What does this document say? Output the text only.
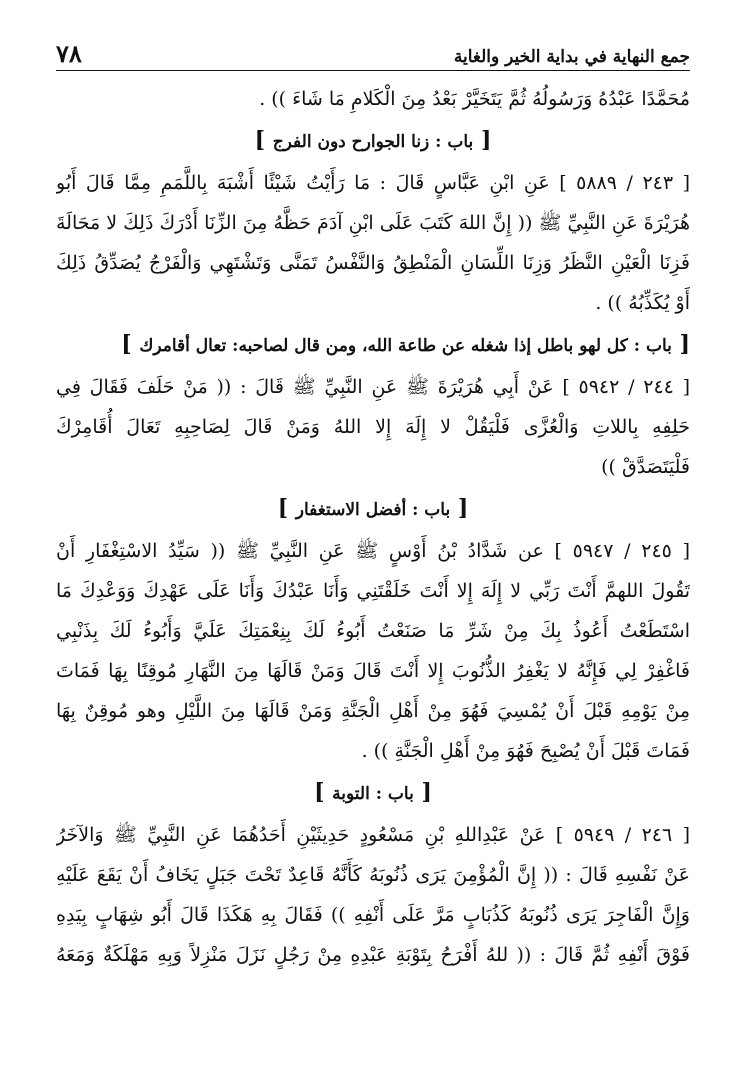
٧٨	جمع النهاية في بداية الخير والغاية
مُحَمَّدًا عَبْدُهُ وَرَسُولُهُ ثُمَّ يَتَخَيَّرْ بَعْدُ مِنَ الْكَلامِ مَا شَاءَ )) .
[ باب : زنا الجوارح دون الفرج ]
[ ٢٤٣ / ٥٨٨٩ ] عَنِ ابْنِ عَبَّاسٍ قَالَ : مَا رَأَيْتُ شَيْئًا أَشْبَهَ بِاللَّمَمِ مِمَّا قَالَ أَبُو
هُرَيْرَةَ عَنِ النَّبِيِّ ﷺ (( إِنَّ اللهَ كَتَبَ عَلَى ابْنِ آدَمَ حَظَّهُ مِنَ الزِّنَا أَدْرَكَ ذَلِكَ لا مَحَالَةَ
فَزِنَا الْعَيْنِ النَّظَرُ وَزِنَا اللِّسَانِ الْمَنْطِقُ وَالنَّفْسُ تَمَنَّى وَتَشْتَهِي وَالْفَرْجُ يُصَدِّقُ ذَلِكَ
أَوْ يُكَذِّبُهُ )) .
[ باب : كل لهو باطل إذا شغله عن طاعة الله، ومن قال لصاحبه: تعال أقامرك ]
[ ٢٤٤ / ٥٩٤٢ ] عَنْ أَبِي هُرَيْرَةَ ﷺ عَنِ النَّبِيِّ ﷺ قَالَ : (( مَنْ حَلَفَ فَقَالَ فِي
حَلِفِهِ بِاللاتِ وَالْعُزَّى فَلْيَقُلْ لا إِلَهَ إِلا اللهُ وَمَنْ قَالَ لِصَاحِبِهِ تَعَالَ أُقَامِرْكَ
فَلْيَتَصَدَّقْ ))
[ باب : أفضل الاستغفار ]
[ ٢٤٥ / ٥٩٤٧ ] عن شَدَّادُ بْنُ أَوْسٍ ﷺ عَنِ النَّبِيِّ ﷺ (( سَيِّدُ الاسْتِغْفَارِ أَنْ
تَقُولَ اللهمَّ أَنْتَ رَبِّي لا إِلَهَ إِلا أَنْتَ خَلَقْتَنِي وَأَنَا عَبْدُكَ وَأَنَا عَلَى عَهْدِكَ وَوَعْدِكَ مَا
اسْتَطَعْتُ أَعُوذُ بِكَ مِنْ شَرِّ مَا صَنَعْتُ أَبُوءُ لَكَ بِنِعْمَتِكَ عَلَيَّ وَأَبُوءُ لَكَ بِذَنْبِي
فَاغْفِرْ لِي فَإِنَّهُ لا يَغْفِرُ الذُّنُوبَ إِلا أَنْتَ قَالَ وَمَنْ قَالَهَا مِنَ النَّهَارِ مُوقِنًا بِهَا فَمَاتَ
مِنْ يَوْمِهِ قَبْلَ أَنْ يُمْسِيَ فَهُوَ مِنْ أَهْلِ الْجَنَّةِ وَمَنْ قَالَهَا مِنَ اللَّيْلِ وهو مُوقِنٌ بِهَا
فَمَاتَ قَبْلَ أَنْ يُصْبِحَ فَهُوَ مِنْ أَهْلِ الْجَنَّةِ )) .
[ باب : التوبة ]
[ ٢٤٦ / ٥٩٤٩ ] عَنْ عَبْدِاللهِ بْنِ مَسْعُودٍ حَدِيثَيْنِ أَحَدُهُمَا عَنِ النَّبِيِّ ﷺ وَالآخَرُ
عَنْ نَفْسِهِ قَالَ : (( إِنَّ الْمُؤْمِنَ يَرَى ذُنُوبَهُ كَأَنَّهُ قَاعِدٌ تَحْتَ جَبَلٍ يَخَافُ أَنْ يَقَعَ عَلَيْهِ
وَإِنَّ الْفَاجِرَ يَرَى ذُنُوبَهُ كَذُبَابٍ مَرَّ عَلَى أَنْفِهِ )) فَقَالَ بِهِ هَكَذَا قَالَ أَبُو شِهَابٍ بِيَدِهِ
فَوْقَ أَنْفِهِ ثُمَّ قَالَ : (( للهُ أَفْرَحُ بِتَوْبَةِ عَبْدِهِ مِنْ رَجُلٍ نَزَلَ مَنْزِلاً وَبِهِ مَهْلَكَةٌ وَمَعَهُ
